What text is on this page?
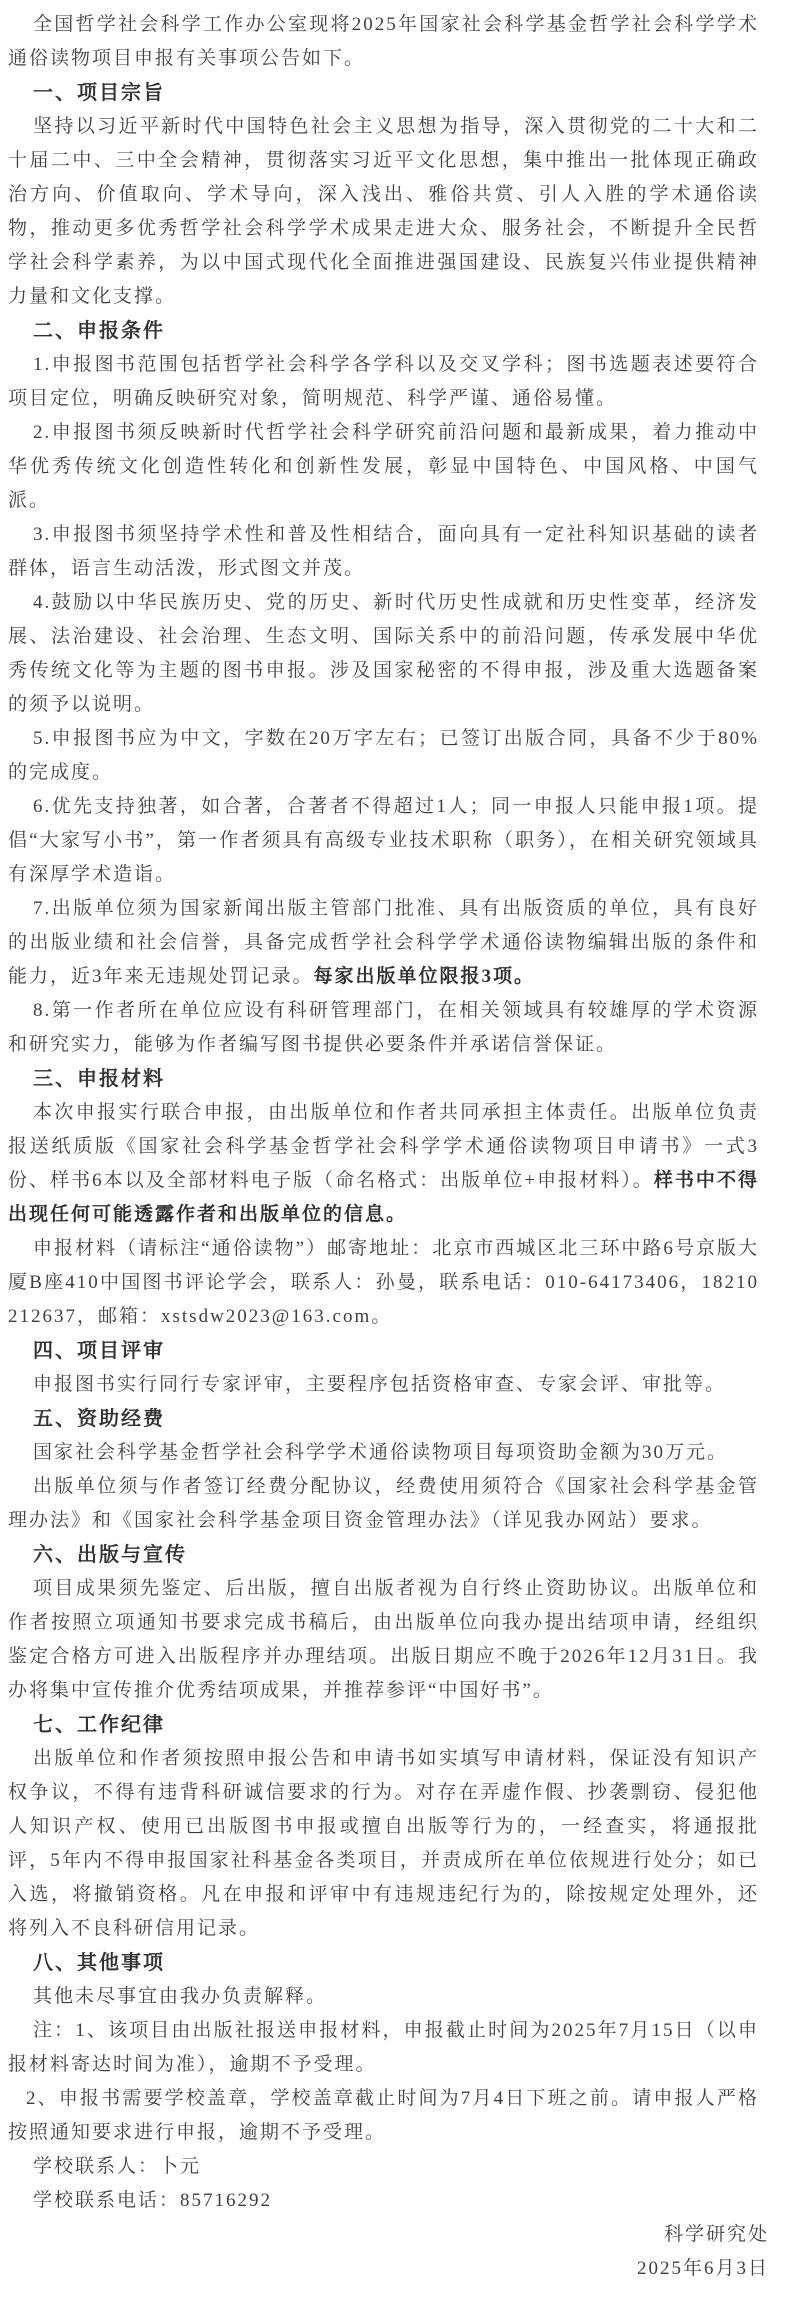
全国哲学社会科学工作办公室现将2025年国家社会科学基金哲学社会科学学术通俗读物项目申报有关事项公告如下。

一、项目宗旨

坚持以习近平新时代中国特色社会主义思想为指导，深入贯彻党的二十大和二十届二中、三中全会精神，贯彻落实习近平文化思想，集中推出一批体现正确政治方向、价值取向、学术导向，深入浅出、雅俗共赏、引人入胜的学术通俗读物，推动更多优秀哲学社会科学学术成果走进大众、服务社会，不断提升全民哲学社会科学素养，为以中国式现代化全面推进强国建设、民族复兴伟业提供精神力量和文化支撑。

二、申报条件

1.申报图书范围包括哲学社会科学各学科以及交叉学科；图书选题表述要符合项目定位，明确反映研究对象，简明规范、科学严谨、通俗易懂。

2.申报图书须反映新时代哲学社会科学研究前沿问题和最新成果，着力推动中华优秀传统文化创造性转化和创新性发展，彰显中国特色、中国风格、中国气派。

3.申报图书须坚持学术性和普及性相结合，面向具有一定社科知识基础的读者群体，语言生动活泼，形式图文并茂。

4.鼓励以中华民族历史、党的历史、新时代历史性成就和历史性变革，经济发展、法治建设、社会治理、生态文明、国际关系中的前沿问题，传承发展中华优秀传统文化等为主题的图书申报。涉及国家秘密的不得申报，涉及重大选题备案的须予以说明。

5.申报图书应为中文，字数在20万字左右；已签订出版合同，具备不少于80%的完成度。

6.优先支持独著，如合著，合著者不得超过1人；同一申报人只能申报1项。提倡“大家写小书”，第一作者须具有高级专业技术职称（职务），在相关研究领域具有深厚学术造诣。

7.出版单位须为国家新闻出版主管部门批准、具有出版资质的单位，具有良好的出版业绩和社会信誉，具备完成哲学社会科学学术通俗读物编辑出版的条件和能力，近3年来无违规处罚记录。每家出版单位限报3项。

8.第一作者所在单位应设有科研管理部门，在相关领域具有较雄厚的学术资源和研究实力，能够为作者编写图书提供必要条件并承诺信誉保证。

三、申报材料

本次申报实行联合申报，由出版单位和作者共同承担主体责任。出版单位负责报送纸质版《国家社会科学基金哲学社会科学学术通俗读物项目申请书》一式3份、样书6本以及全部材料电子版（命名格式：出版单位+申报材料）。样书中不得出现任何可能透露作者和出版单位的信息。

申报材料（请标注“通俗读物”）邮寄地址：北京市西城区北三环中路6号京版大厦B座410中国图书评论学会，联系人：孙曼，联系电话：010-64173406，18210212637，邮箱：xstsdw2023@163.com。

四、项目评审

申报图书实行同行专家评审，主要程序包括资格审查、专家会评、审批等。

五、资助经费

国家社会科学基金哲学社会科学学术通俗读物项目每项资助金额为30万元。

出版单位须与作者签订经费分配协议，经费使用须符合《国家社会科学基金管理办法》和《国家社会科学基金项目资金管理办法》（详见我办网站）要求。

六、出版与宣传

项目成果须先鉴定、后出版，擅自出版者视为自行终止资助协议。出版单位和作者按照立项通知书要求完成书稿后，由出版单位向我办提出结项申请，经组织鉴定合格方可进入出版程序并办理结项。出版日期应不晚于2026年12月31日。我办将集中宣传推介优秀结项成果，并推荐参评“中国好书”。

七、工作纪律

出版单位和作者须按照申报公告和申请书如实填写申请材料，保证没有知识产权争议，不得有违背科研诚信要求的行为。对存在弄虚作假、抄袭剽窃、侵犯他人知识产权、使用已出版图书申报或擅自出版等行为的，一经查实，将通报批评，5年内不得申报国家社科基金各类项目，并责成所在单位依规进行处分；如已入选，将撤销资格。凡在申报和评审中有违规违纪行为的，除按规定处理外，还将列入不良科研信用记录。

八、其他事项

其他未尽事宜由我办负责解释。

注：1、该项目由出版社报送申报材料，申报截止时间为2025年7月15日（以申报材料寄达时间为准），逾期不予受理。

2、申报书需要学校盖章，学校盖章截止时间为7月4日下班之前。请申报人严格按照通知要求进行申报，逾期不予受理。

学校联系人：卜元

学校联系电话：85716292

科学研究处

2025年6月3日
